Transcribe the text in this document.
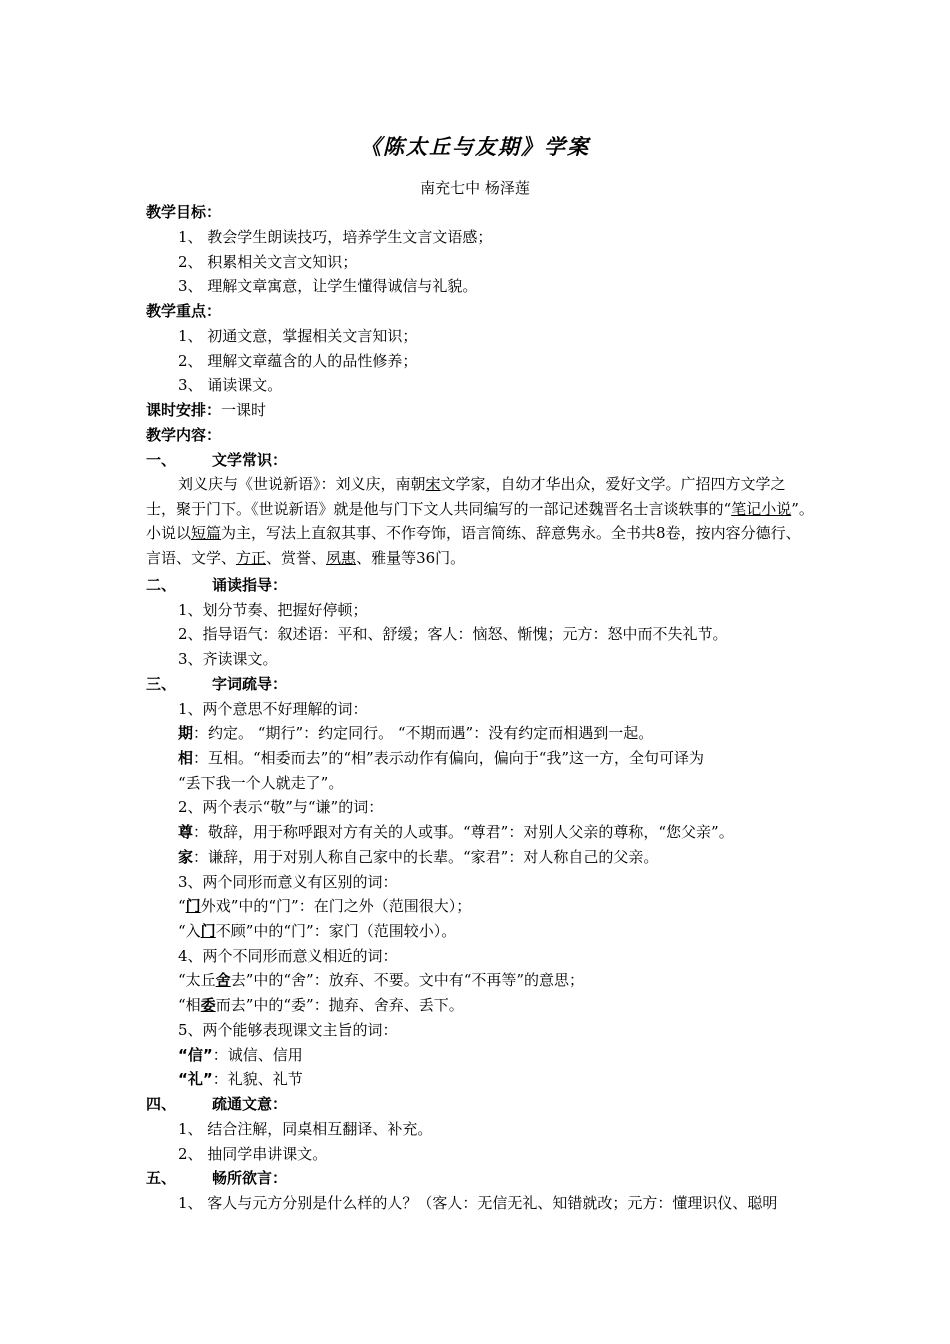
《陈太丘与友期》学案
南充七中 杨泽莲
教学目标：
1、 教会学生朗读技巧，培养学生文言文语感；
2、 积累相关文言文知识；
3、 理解文章寓意，让学生懂得诚信与礼貌。
教学重点：
1、 初通文意，掌握相关文言知识；
2、 理解文章蕴含的人的品性修养；
3、 诵读课文。
课时安排：一课时
教学内容：
一、 文学常识：
刘义庆与《世说新语》：刘义庆，南朝宋文学家，自幼才华出众，爱好文学。广招四方文学之士，聚于门下。《世说新语》就是他与门下文人共同编写的一部记述魏晋名士言谈轶事的“笔记小说”。小说以短篇为主，写法上直叙其事、不作夸饰，语言简练、辞意隽永。全书共8卷，按内容分德行、言语、文学、方正、赏誉、夙惠、雅量等36门。
二、 诵读指导：
1、划分节奏、把握好停顿；
2、指导语气：叙述语：平和、舒缓；客人：恼怒、惭愧；元方：怒中而不失礼节。
3、齐读课文。
三、 字词疏导：
1、两个意思不好理解的词：
期：约定。 “期行”：约定同行。 “不期而遇”：没有约定而相遇到一起。
相：互相。“相委而去”的“相”表示动作有偏向，偏向于“我”这一方，全句可译为
“丢下我一个人就走了”。
2、两个表示“敬”与“谦”的词：
尊：敬辞，用于称呼跟对方有关的人或事。“尊君”：对别人父亲的尊称，“您父亲”。
家：谦辞，用于对别人称自己家中的长辈。“家君”：对人称自己的父亲。
3、两个同形而意义有区别的词：
“门外戏”中的“门”：在门之外（范围很大）；
“入门不顾”中的“门”：家门（范围较小）。
4、两个不同形而意义相近的词：
“太丘舍去”中的“舍”：放弃、不要。文中有“不再等”的意思；
“相委而去”中的“委”：抛弃、舍弃、丢下。
5、两个能够表现课文主旨的词：
“信”：诚信、信用
“礼”：礼貌、礼节
四、 疏通文意：
1、 结合注解，同桌相互翻译、补充。
2、 抽同学串讲课文。
五、 畅所欲言：
1、 客人与元方分别是什么样的人？（客人：无信无礼、知错就改；元方：懂理识仪、聪明
